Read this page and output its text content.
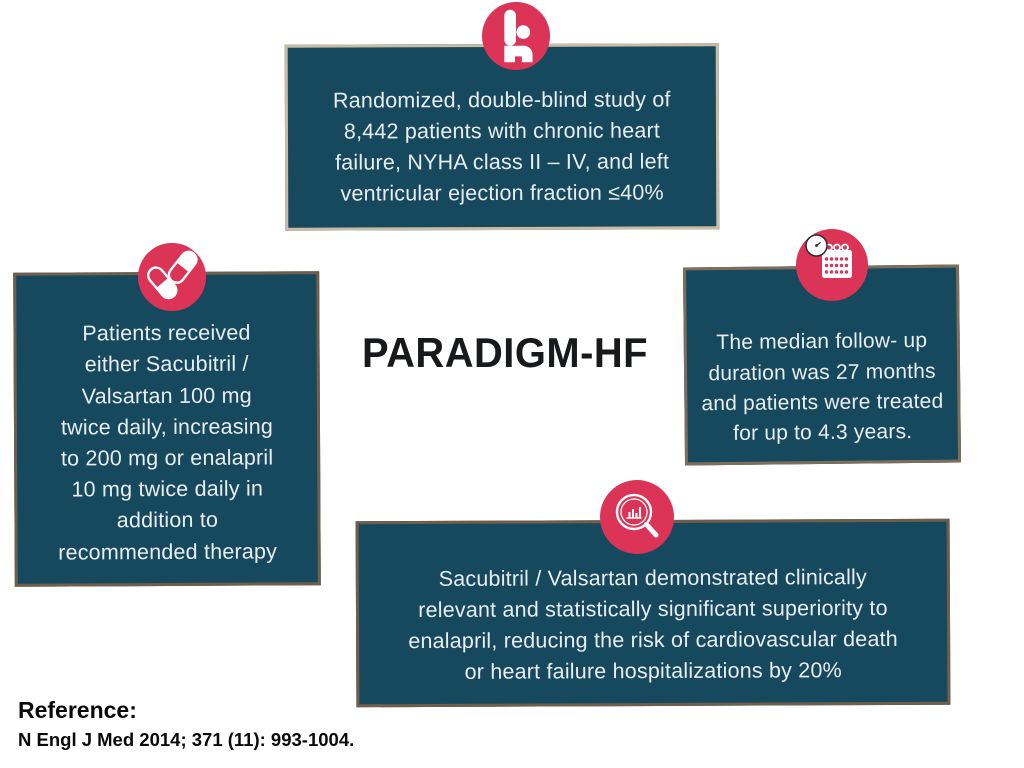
Randomized, double-blind study of
8,442 patients with chronic heart
failure, NYHA class II – IV, and left
ventricular ejection fraction ≤40%
Patients received
either Sacubitril /
Valsartan 100 mg
twice daily, increasing
to 200 mg or enalapril
10 mg twice daily in
addition to
recommended therapy
The median follow- up
duration was 27 months
and patients were treated
for up to 4.3 years.
Sacubitril / Valsartan demonstrated clinically
relevant and statistically significant superiority to
enalapril, reducing the risk of cardiovascular death
or heart failure hospitalizations by 20%
PARADIGM-HF
Reference:
N Engl J Med 2014; 371 (11): 993-1004.
